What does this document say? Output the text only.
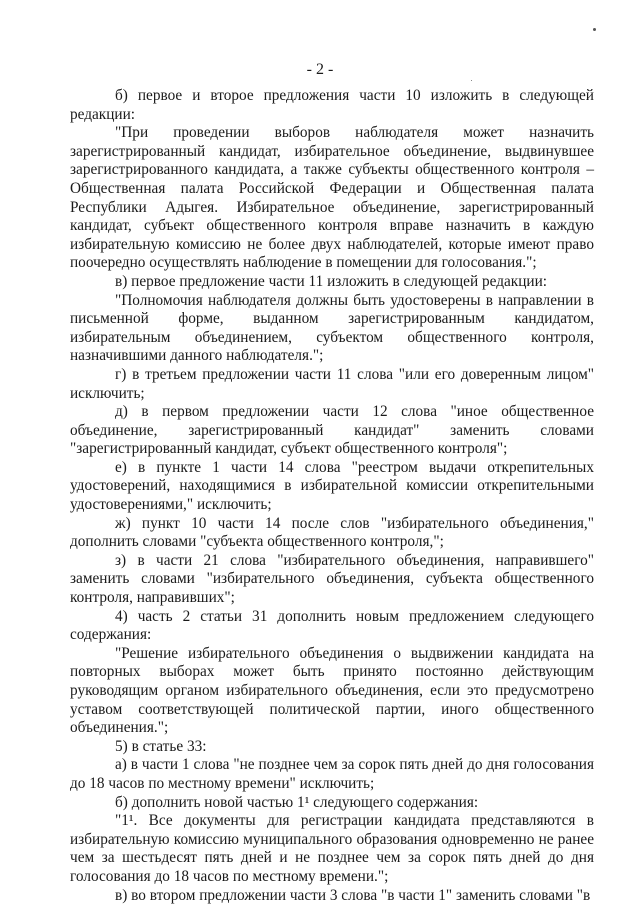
- 2 -

б) первое и второе предложения части 10 изложить в следующей редакции:

"При проведении выборов наблюдателя может назначить зарегистрированный кандидат, избирательное объединение, выдвинувшее зарегистрированного кандидата, а также субъекты общественного контроля – Общественная палата Российской Федерации и Общественная палата Республики Адыгея. Избирательное объединение, зарегистрированный кандидат, субъект общественного контроля вправе назначить в каждую избирательную комиссию не более двух наблюдателей, которые имеют право поочередно осуществлять наблюдение в помещении для голосования.";

в) первое предложение части 11 изложить в следующей редакции:

"Полномочия наблюдателя должны быть удостоверены в направлении в письменной форме, выданном зарегистрированным кандидатом, избирательным объединением, субъектом общественного контроля, назначившими данного наблюдателя.";

г) в третьем предложении части 11 слова "или его доверенным лицом" исключить;

д) в первом предложении части 12 слова "иное общественное объединение, зарегистрированный кандидат" заменить словами "зарегистрированный кандидат, субъект общественного контроля";

е) в пункте 1 части 14 слова "реестром выдачи открепительных удостоверений, находящимися в избирательной комиссии открепительными удостоверениями," исключить;

ж) пункт 10 части 14 после слов "избирательного объединения," дополнить словами "субъекта общественного контроля,";

з) в части 21 слова "избирательного объединения, направившего" заменить словами "избирательного объединения, субъекта общественного контроля, направивших";

4) часть 2 статьи 31 дополнить новым предложением следующего содержания:

"Решение избирательного объединения о выдвижении кандидата на повторных выборах может быть принято постоянно действующим руководящим органом избирательного объединения, если это предусмотрено уставом соответствующей политической партии, иного общественного объединения.";

5) в статье 33:

а) в части 1 слова "не позднее чем за сорок пять дней до дня голосования до 18 часов по местному времени" исключить;

б) дополнить новой частью 1¹ следующего содержания:

"1¹. Все документы для регистрации кандидата представляются в избирательную комиссию муниципального образования одновременно не ранее чем за шестьдесят пять дней и не позднее чем за сорок пять дней до дня голосования до 18 часов по местному времени.";

в) во втором предложении части 3 слова "в части 1" заменить словами "в
